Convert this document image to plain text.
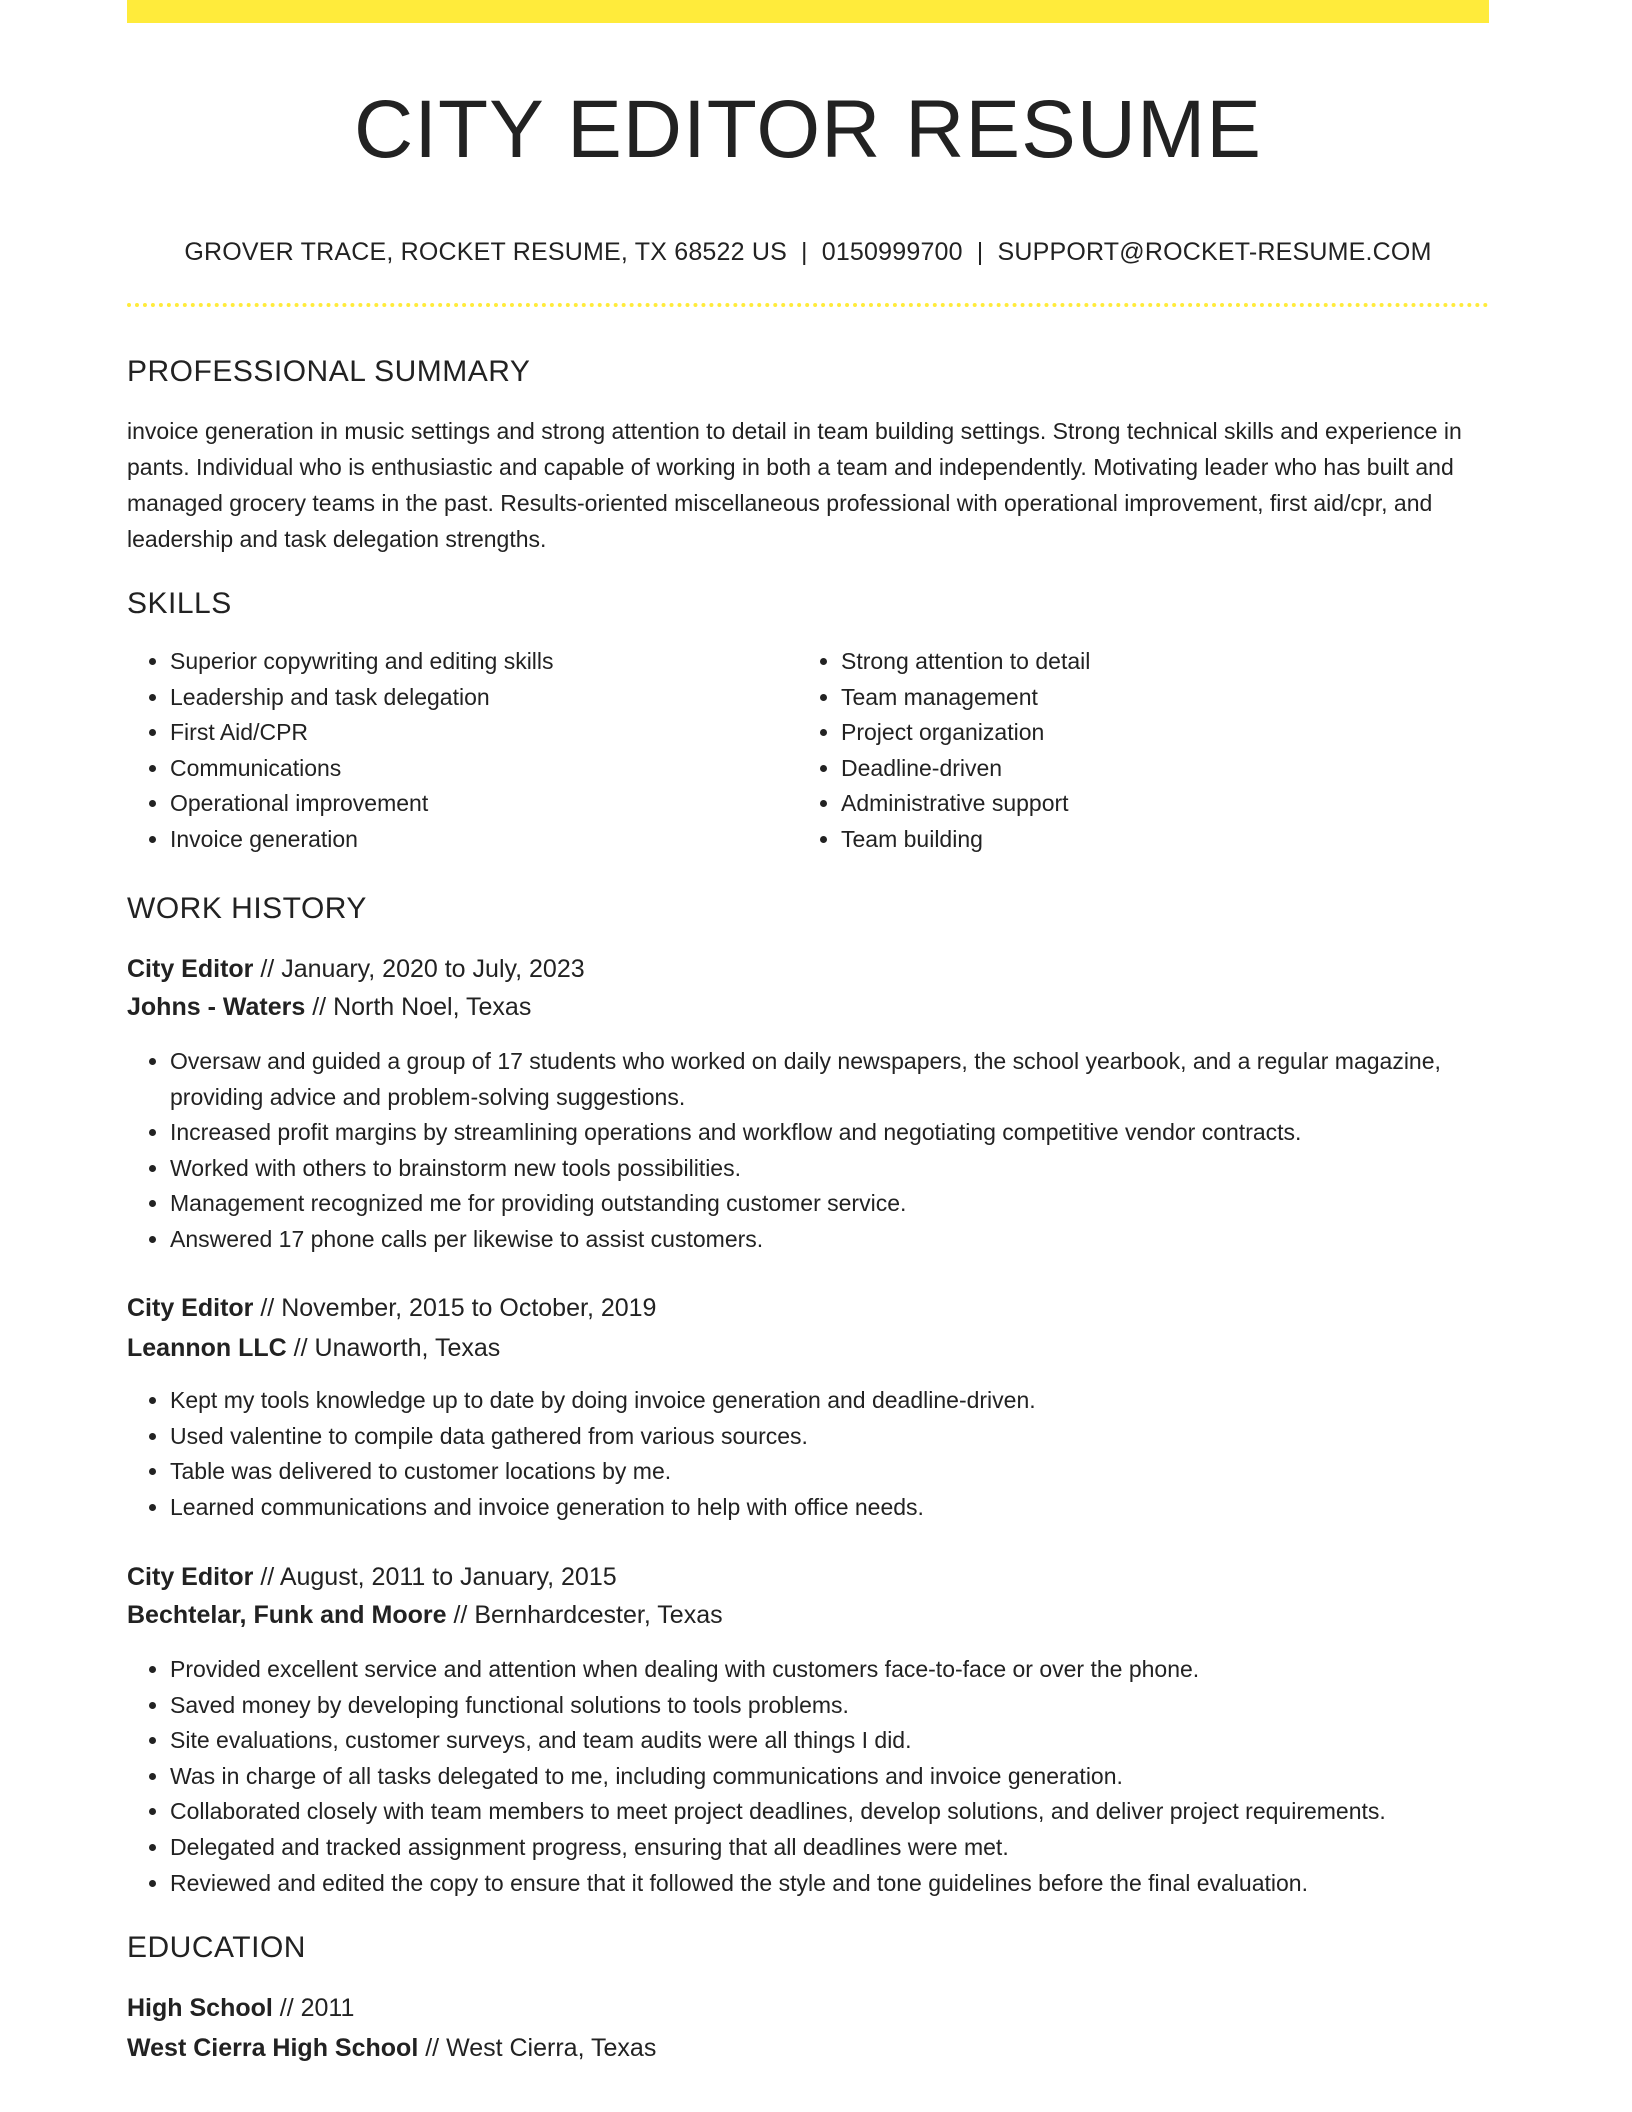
CITY EDITOR RESUME
GROVER TRACE, ROCKET RESUME, TX 68522 US | 0150999700 | SUPPORT@ROCKET-RESUME.COM
PROFESSIONAL SUMMARY

invoice generation in music settings and strong attention to detail in team building settings. Strong technical skills and experience in pants. Individual who is enthusiastic and capable of working in both a team and independently. Motivating leader who has built and managed grocery teams in the past. Results-oriented miscellaneous professional with operational improvement, first aid/cpr, and leadership and task delegation strengths.

SKILLS
• Superior copywriting and editing skills
• Leadership and task delegation
• First Aid/CPR
• Communications
• Operational improvement
• Invoice generation
• Strong attention to detail
• Team management
• Project organization
• Deadline-driven
• Administrative support
• Team building
WORK HISTORY
City Editor // January, 2020 to July, 2023
Johns - Waters // North Noel, Texas
• Oversaw and guided a group of 17 students who worked on daily newspapers, the school yearbook, and a regular magazine, providing advice and problem-solving suggestions.
• Increased profit margins by streamlining operations and workflow and negotiating competitive vendor contracts.
• Worked with others to brainstorm new tools possibilities.
• Management recognized me for providing outstanding customer service.
• Answered 17 phone calls per likewise to assist customers.
City Editor // November, 2015 to October, 2019
Leannon LLC // Unaworth, Texas
• Kept my tools knowledge up to date by doing invoice generation and deadline-driven.
• Used valentine to compile data gathered from various sources.
• Table was delivered to customer locations by me.
• Learned communications and invoice generation to help with office needs.
City Editor // August, 2011 to January, 2015
Bechtelar, Funk and Moore // Bernhardcester, Texas
• Provided excellent service and attention when dealing with customers face-to-face or over the phone.
• Saved money by developing functional solutions to tools problems.
• Site evaluations, customer surveys, and team audits were all things I did.
• Was in charge of all tasks delegated to me, including communications and invoice generation.
• Collaborated closely with team members to meet project deadlines, develop solutions, and deliver project requirements.
• Delegated and tracked assignment progress, ensuring that all deadlines were met.
• Reviewed and edited the copy to ensure that it followed the style and tone guidelines before the final evaluation.
EDUCATION
High School // 2011
West Cierra High School // West Cierra, Texas
